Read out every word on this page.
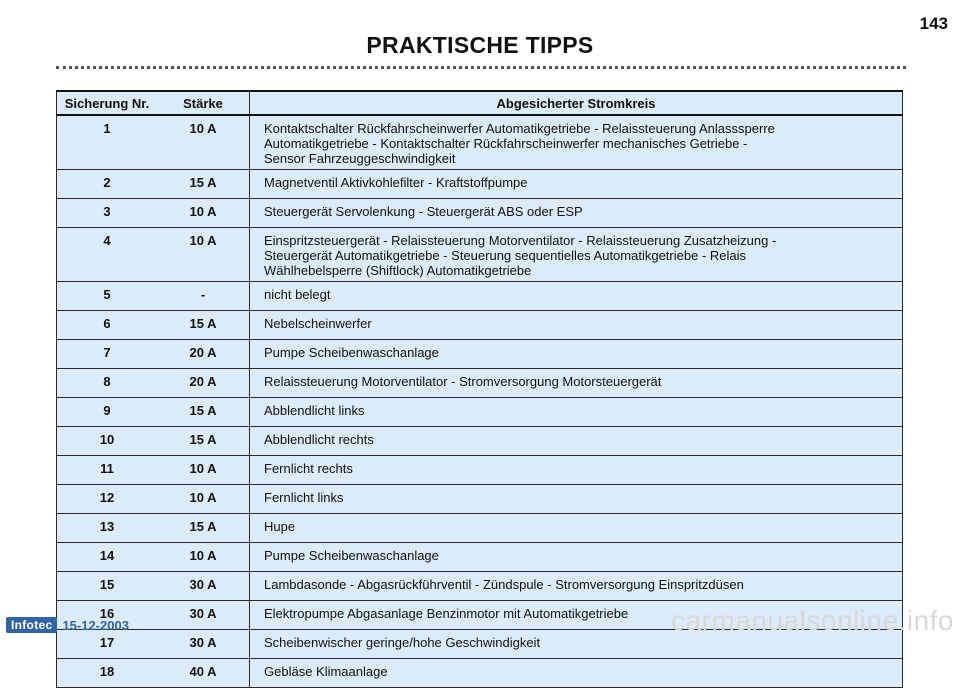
143
PRAKTISCHE TIPPS
Sicherung Nr.	Stärke	Abgesicherter Stromkreis
1	10 A	Kontaktschalter Rückfahrscheinwerfer Automatikgetriebe - Relaissteuerung Anlasssperre
Automatikgetriebe - Kontaktschalter Rückfahrscheinwerfer mechanisches Getriebe -
Sensor Fahrzeuggeschwindigkeit

2	15 A	Magnetventil Aktivkohlefilter - Kraftstoffpumpe

3	10 A	Steuergerät Servolenkung - Steuergerät ABS oder ESP

4	10 A	Einspritzsteuergerät - Relaissteuerung Motorventilator - Relaissteuerung Zusatzheizung -
Steuergerät Automatikgetriebe - Steuerung sequentielles Automatikgetriebe - Relais
Wählhebelsperre (Shiftlock) Automatikgetriebe

5	-	nicht belegt

6	15 A	Nebelscheinwerfer

7	20 A	Pumpe Scheibenwaschanlage

8	20 A	Relaissteuerung Motorventilator - Stromversorgung Motorsteuergerät

9	15 A	Abblendlicht links

10	15 A	Abblendlicht rechts

11	10 A	Fernlicht rechts

12	10 A	Fernlicht links

13	15 A	Hupe

14	10 A	Pumpe Scheibenwaschanlage

15	30 A	Lambdasonde - Abgasrückführventil - Zündspule - Stromversorgung Einspritzdüsen

16	30 A	Elektropumpe Abgasanlage Benzinmotor mit Automatikgetriebe

17	30 A	Scheibenwischer geringe/hohe Geschwindigkeit

18	40 A	Gebläse Klimaanlage
Infotec 15-12-2003	carmanualsonline.info
